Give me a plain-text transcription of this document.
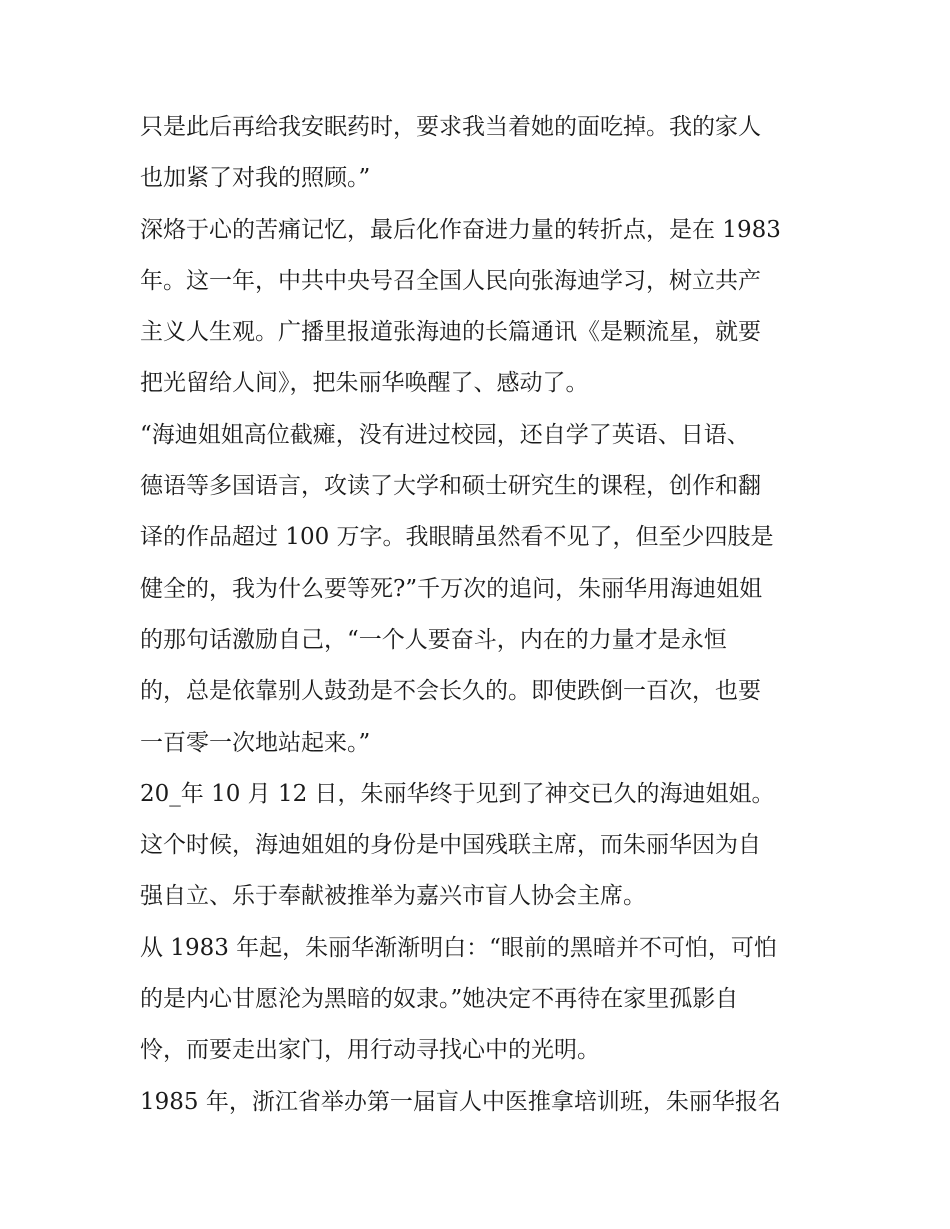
只是此后再给我安眠药时，要求我当着她的面吃掉。我的家人
也加紧了对我的照顾。”
深烙于心的苦痛记忆，最后化作奋进力量的转折点，是在 1983
年。这一年，中共中央号召全国人民向张海迪学习，树立共产
主义人生观。广播里报道张海迪的长篇通讯《是颗流星，就要
把光留给人间》，把朱丽华唤醒了、感动了。
“海迪姐姐高位截瘫，没有进过校园，还自学了英语、日语、
德语等多国语言，攻读了大学和硕士研究生的课程，创作和翻
译的作品超过 100 万字。我眼睛虽然看不见了，但至少四肢是
健全的，我为什么要等死?”千万次的追问，朱丽华用海迪姐姐
的那句话激励自己，“一个人要奋斗，内在的力量才是永恒
的，总是依靠别人鼓劲是不会长久的。即使跌倒一百次，也要
一百零一次地站起来。”
20_年 10 月 12 日，朱丽华终于见到了神交已久的海迪姐姐。
这个时候，海迪姐姐的身份是中国残联主席，而朱丽华因为自
强自立、乐于奉献被推举为嘉兴市盲人协会主席。
从 1983 年起，朱丽华渐渐明白：“眼前的黑暗并不可怕，可怕
的是内心甘愿沦为黑暗的奴隶。”她决定不再待在家里孤影自
怜，而要走出家门，用行动寻找心中的光明。
1985 年，浙江省举办第一届盲人中医推拿培训班，朱丽华报名
